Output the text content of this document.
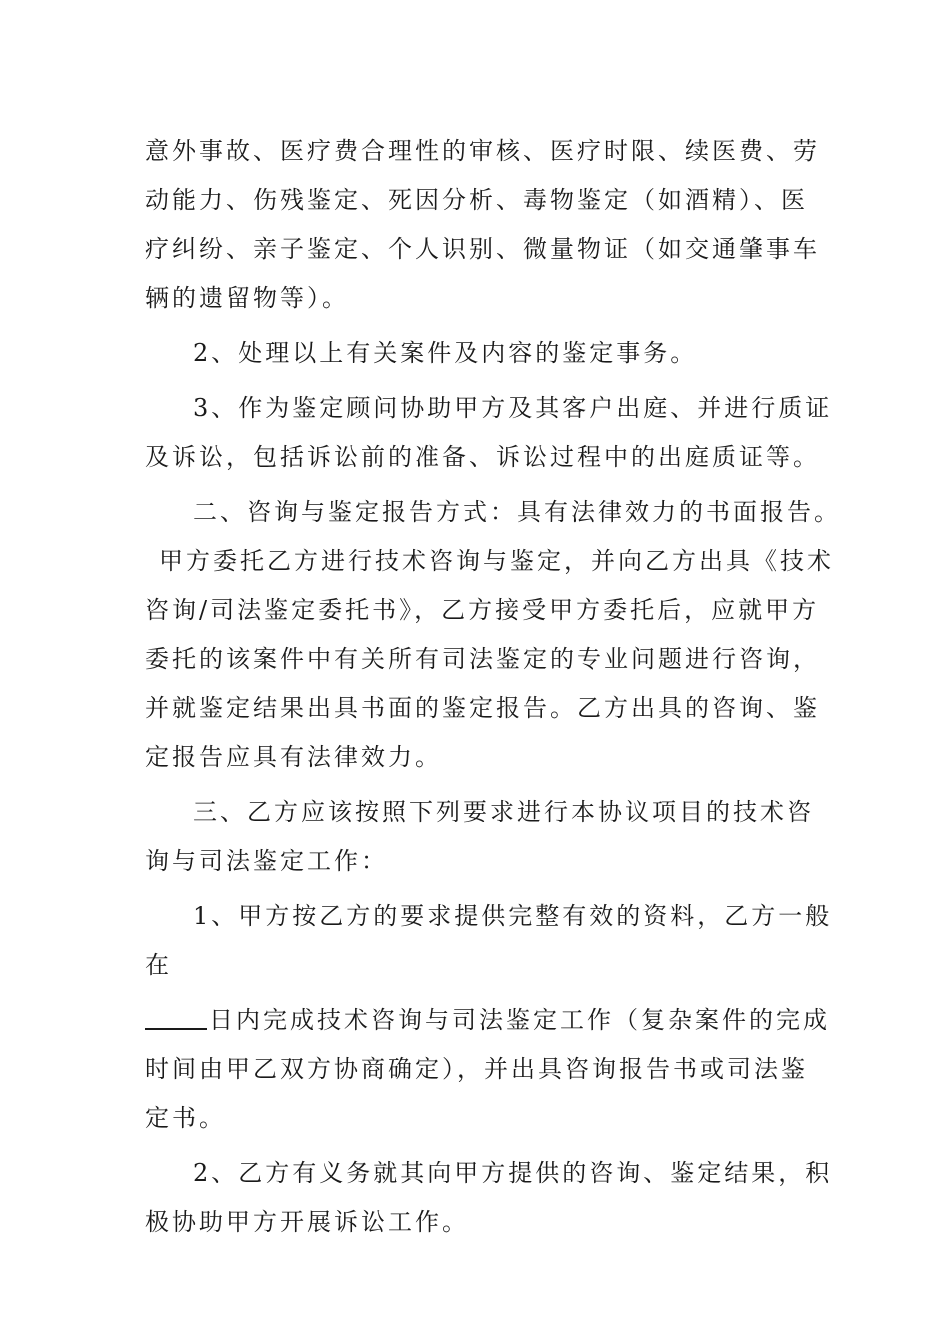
意外事故、医疗费合理性的审核、医疗时限、续医费、劳
动能力、伤残鉴定、死因分析、毒物鉴定（如酒精）、医
疗纠纷、亲子鉴定、个人识别、微量物证（如交通肇事车
辆的遗留物等）。
2、处理以上有关案件及内容的鉴定事务。
3、作为鉴定顾问协助甲方及其客户出庭、并进行质证
及诉讼，包括诉讼前的准备、诉讼过程中的出庭质证等。
二、咨询与鉴定报告方式：具有法律效力的书面报告。
甲方委托乙方进行技术咨询与鉴定，并向乙方出具《技术
咨询/司法鉴定委托书》，乙方接受甲方委托后，应就甲方
委托的该案件中有关所有司法鉴定的专业问题进行咨询，
并就鉴定结果出具书面的鉴定报告。乙方出具的咨询、鉴
定报告应具有法律效力。
三、乙方应该按照下列要求进行本协议项目的技术咨
询与司法鉴定工作：
1、甲方按乙方的要求提供完整有效的资料，乙方一般
在
日内完成技术咨询与司法鉴定工作（复杂案件的完成
时间由甲乙双方协商确定），并出具咨询报告书或司法鉴
定书。
2、乙方有义务就其向甲方提供的咨询、鉴定结果，积
极协助甲方开展诉讼工作。
